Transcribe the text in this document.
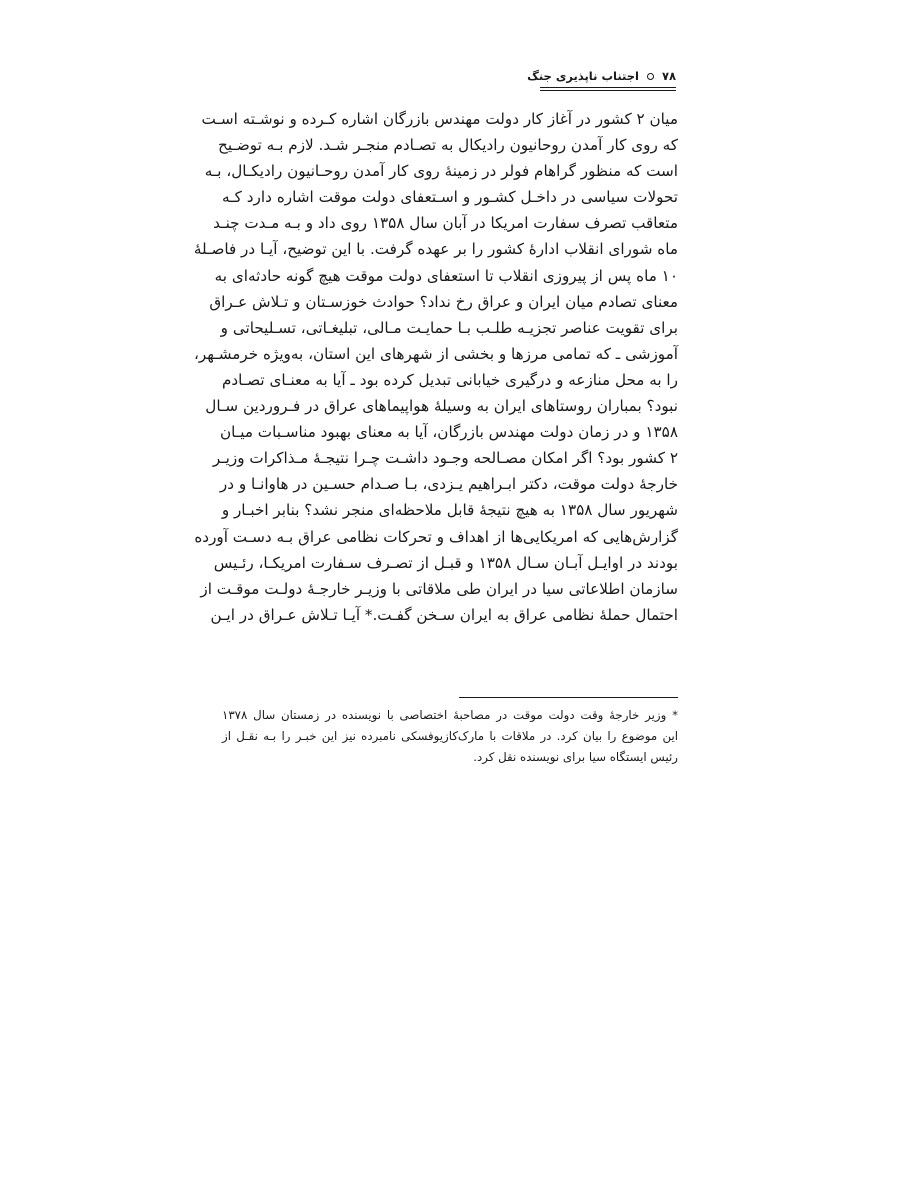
۷۸
اجتناب ناپذیری جنگ
میان ۲ کشور در آغاز کار دولت مهندس بازرگان اشاره کـرده و نوشـته اسـت
که روی کار آمدن روحانیون رادیکال به تصـادم منجـر شـد. لازم بـه توضـیح
است که منظور گراهام فولر در زمینهٔ روی کار آمدن روحـانیون رادیکـال، بـه
تحولات سیاسی در داخـل کشـور و اسـتعفای دولت موقت اشاره دارد کـه
متعاقب تصرف سفارت امریکا در آبان سال ۱۳۵۸ روی داد و بـه مـدت چنـد
ماه شورای انقلاب ادارهٔ کشور را بر عهده گرفت. با این توضیح، آیـا در فاصـلهٔ
۱۰ ماه پس از پیروزی انقلاب تا استعفای دولت موقت هیچ گونه حادثه‌ای به
معنای تصادم میان ایران و عراق رخ نداد؟ حوادث خوزسـتان و تـلاش عـراق
برای تقویت عناصر تجزیـه طلـب بـا حمایـت مـالی، تبلیغـاتی، تسـلیحاتی و
آموزشی ـ که تمامی مرزها و بخشی از شهرهای این استان، به‌ویژه خرمشـهر،
را به محل منازعه و درگیری خیابانی تبدیل کرده بود ـ آیا به معنـای تصـادم
نبود؟ بمباران روستاهای ایران به وسیلهٔ هواپیماهای عراق در فـروردین سـال
۱۳۵۸ و در زمان دولت مهندس بازرگان، آیا به معنای بهبود مناسـبات میـان
۲ کشور بود؟ اگر امکان مصـالحه وجـود داشـت چـرا نتیجـهٔ مـذاکرات وزیـر
خارجهٔ دولت موقت، دکتر ابـراهیم یـزدی، بـا صـدام حسـین در هاوانـا و در
شهریور سال ۱۳۵۸ به هیچ نتیجهٔ قابل ملاحظه‌ای منجر نشد؟ بنابر اخبـار و
گزارش‌هایی که امریکایی‌ها از اهداف و تحرکات نظامی عراق بـه دسـت آورده
بودند در اوایـل آبـان سـال ۱۳۵۸ و قبـل از تصـرف سـفارت امریکـا، رئـیس
سازمان اطلاعاتی سیا در ایران طی ملاقاتی با وزیـر خارجـهٔ دولـت موقـت از
احتمال حملهٔ نظامی عراق به ایران سـخن گفـت.* آیـا تـلاش عـراق در ایـن
* وزیر خارجهٔ وقت دولت موقت در مصاحبهٔ اختصاصی با نویسنده در زمستان سال ۱۳۷۸
این موضوع را بیان کرد. در ملاقات با مارک‌کازیوفسکی نامبرده نیز این خبـر را بـه نقـل از
رئیس ایستگاه سیا برای نویسنده نقل کرد.
